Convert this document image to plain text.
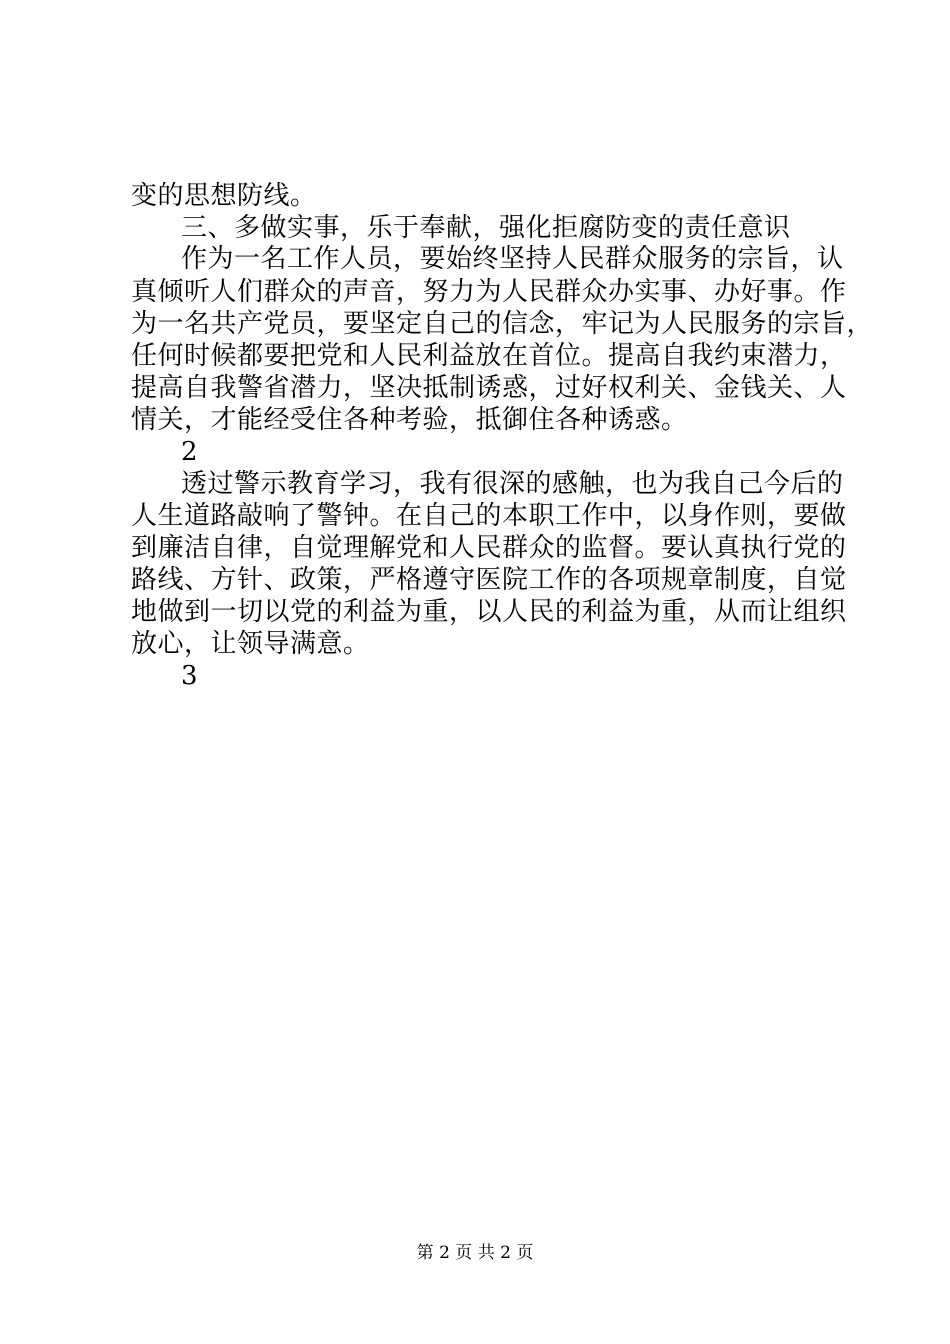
变的思想防线。
三、多做实事，乐于奉献，强化拒腐防变的责任意识
作为一名工作人员，要始终坚持人民群众服务的宗旨，认
真倾听人们群众的声音，努力为人民群众办实事、办好事。作
为一名共产党员，要坚定自己的信念，牢记为人民服务的宗旨，
任何时候都要把党和人民利益放在首位。提高自我约束潜力，
提高自我警省潜力，坚决抵制诱惑，过好权利关、金钱关、人
情关，才能经受住各种考验，抵御住各种诱惑。
2
透过警示教育学习，我有很深的感触，也为我自己今后的
人生道路敲响了警钟。在自己的本职工作中，以身作则，要做
到廉洁自律，自觉理解党和人民群众的监督。要认真执行党的
路线、方针、政策，严格遵守医院工作的各项规章制度，自觉
地做到一切以党的利益为重，以人民的利益为重，从而让组织
放心，让领导满意。
3
第 2 页 共 2 页
